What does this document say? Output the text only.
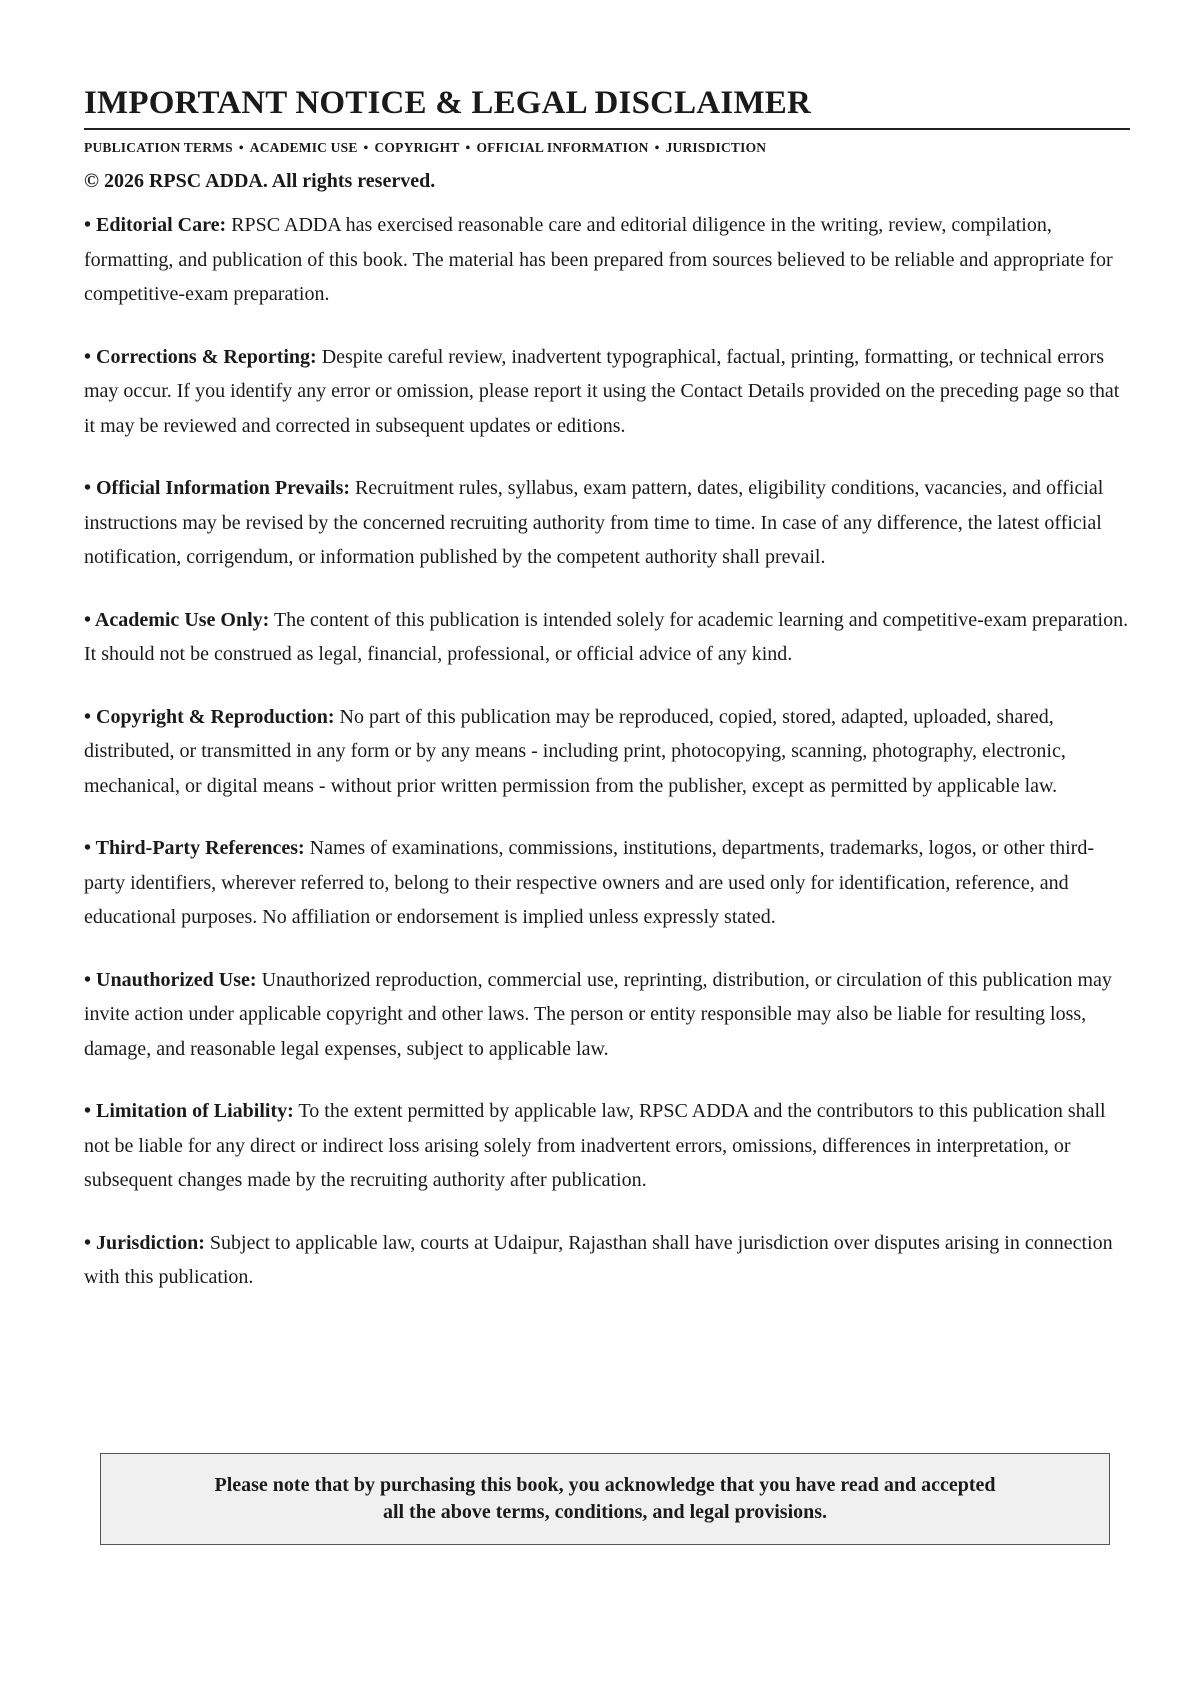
IMPORTANT NOTICE & LEGAL DISCLAIMER
PUBLICATION TERMS • ACADEMIC USE • COPYRIGHT • OFFICIAL INFORMATION • JURISDICTION
© 2026 RPSC ADDA. All rights reserved.

• Editorial Care: RPSC ADDA has exercised reasonable care and editorial diligence in the writing, review, compilation, formatting, and publication of this book. The material has been prepared from sources believed to be reliable and appropriate for competitive-exam preparation.

• Corrections & Reporting: Despite careful review, inadvertent typographical, factual, printing, formatting, or technical errors may occur. If you identify any error or omission, please report it using the Contact Details provided on the preceding page so that it may be reviewed and corrected in subsequent updates or editions.

• Official Information Prevails: Recruitment rules, syllabus, exam pattern, dates, eligibility conditions, vacancies, and official instructions may be revised by the concerned recruiting authority from time to time. In case of any difference, the latest official notification, corrigendum, or information published by the competent authority shall prevail.

• Academic Use Only: The content of this publication is intended solely for academic learning and competitive-exam preparation. It should not be construed as legal, financial, professional, or official advice of any kind.

• Copyright & Reproduction: No part of this publication may be reproduced, copied, stored, adapted, uploaded, shared, distributed, or transmitted in any form or by any means - including print, photocopying, scanning, photography, electronic, mechanical, or digital means - without prior written permission from the publisher, except as permitted by applicable law.

• Third-Party References: Names of examinations, commissions, institutions, departments, trademarks, logos, or other third-party identifiers, wherever referred to, belong to their respective owners and are used only for identification, reference, and educational purposes. No affiliation or endorsement is implied unless expressly stated.

• Unauthorized Use: Unauthorized reproduction, commercial use, reprinting, distribution, or circulation of this publication may invite action under applicable copyright and other laws. The person or entity responsible may also be liable for resulting loss, damage, and reasonable legal expenses, subject to applicable law.

• Limitation of Liability: To the extent permitted by applicable law, RPSC ADDA and the contributors to this publication shall not be liable for any direct or indirect loss arising solely from inadvertent errors, omissions, differences in interpretation, or subsequent changes made by the recruiting authority after publication.

• Jurisdiction: Subject to applicable law, courts at Udaipur, Rajasthan shall have jurisdiction over disputes arising in connection with this publication.

Please note that by purchasing this book, you acknowledge that you have read and accepted
all the above terms, conditions, and legal provisions.
